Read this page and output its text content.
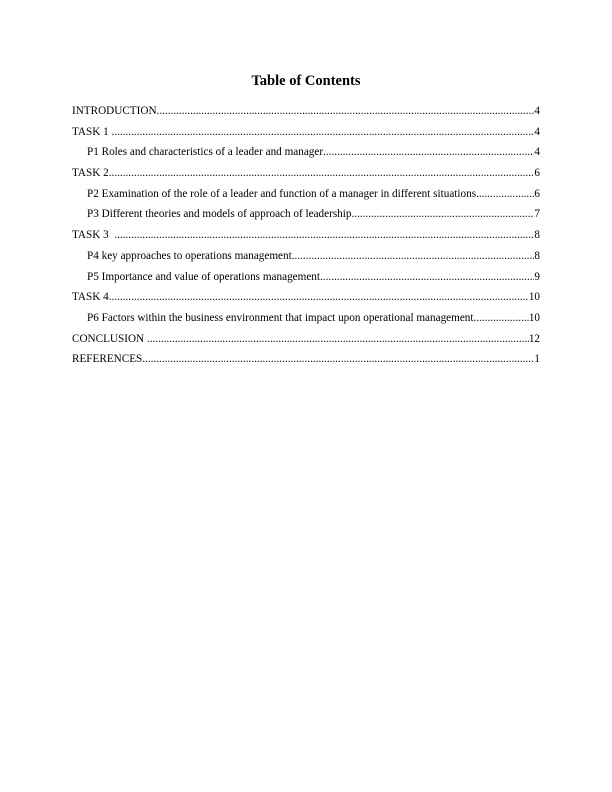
Table of Contents
INTRODUCTION .....	4
TASK 1 .....	4
P1 Roles and characteristics of a leader and manager .....	4
TASK 2 .....	6
P2 Examination of the role of a leader and function of a manager in different situations .....	6
P3 Different theories and models of approach of leadership .....	7
TASK 3 .....	8
P4 key approaches to operations management .....	8
P5 Importance and value of operations management .....	9
TASK 4 .....	10
P6 Factors within the business environment that impact upon operational management .....	10
CONCLUSION .....	12
REFERENCES .....	1
